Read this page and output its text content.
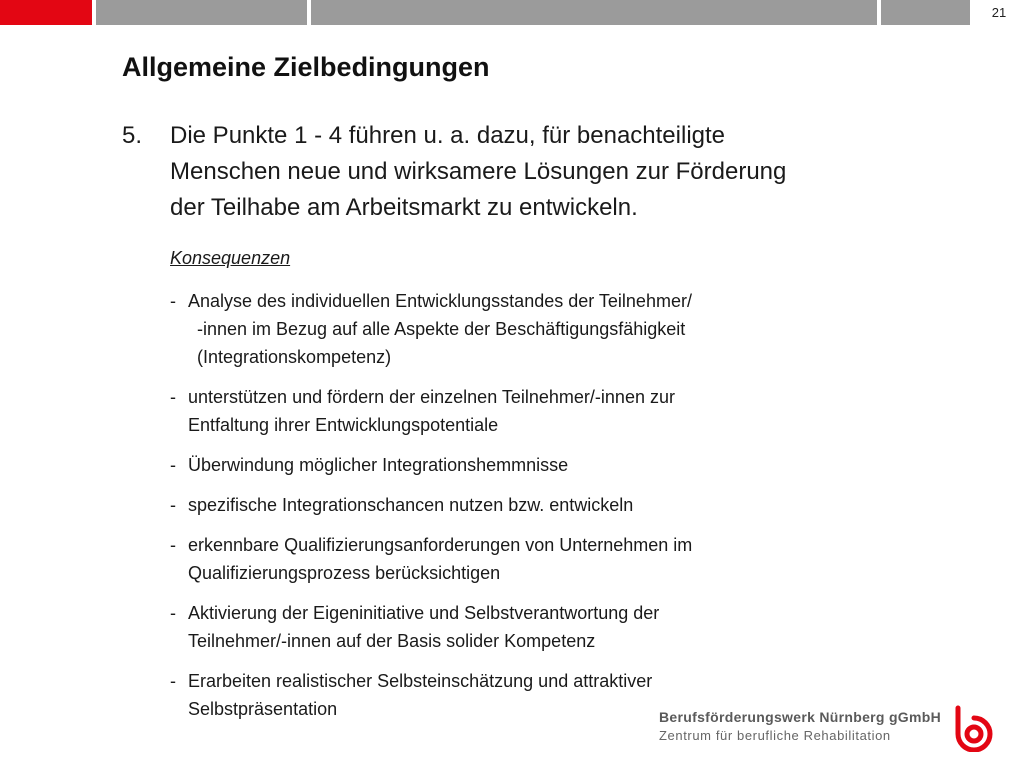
21
Allgemeine Zielbedingungen
5. Die Punkte 1 - 4 führen u. a. dazu, für benachteiligte
Menschen neue und wirksamere Lösungen zur Förderung
der Teilhabe am Arbeitsmarkt zu entwickeln.
Konsequenzen
- Analyse des individuellen Entwicklungsstandes der Teilnehmer/
-innen im Bezug auf alle Aspekte der Beschäftigungsfähigkeit
(Integrationskompetenz)
- unterstützen und fördern der einzelnen Teilnehmer/-innen zur
Entfaltung ihrer Entwicklungspotentiale
- Überwindung möglicher Integrationshemmnisse
- spezifische Integrationschancen nutzen bzw. entwickeln
- erkennbare Qualifizierungsanforderungen von Unternehmen im
Qualifizierungsprozess berücksichtigen
- Aktivierung der Eigeninitiative und Selbstverantwortung der
Teilnehmer/-innen auf der Basis solider Kompetenz
- Erarbeiten realistischer Selbsteinschätzung und attraktiver
Selbstpräsentation	Berufsförderungswerk Nürnberg gGmbH
Zentrum für berufliche Rehabilitation
